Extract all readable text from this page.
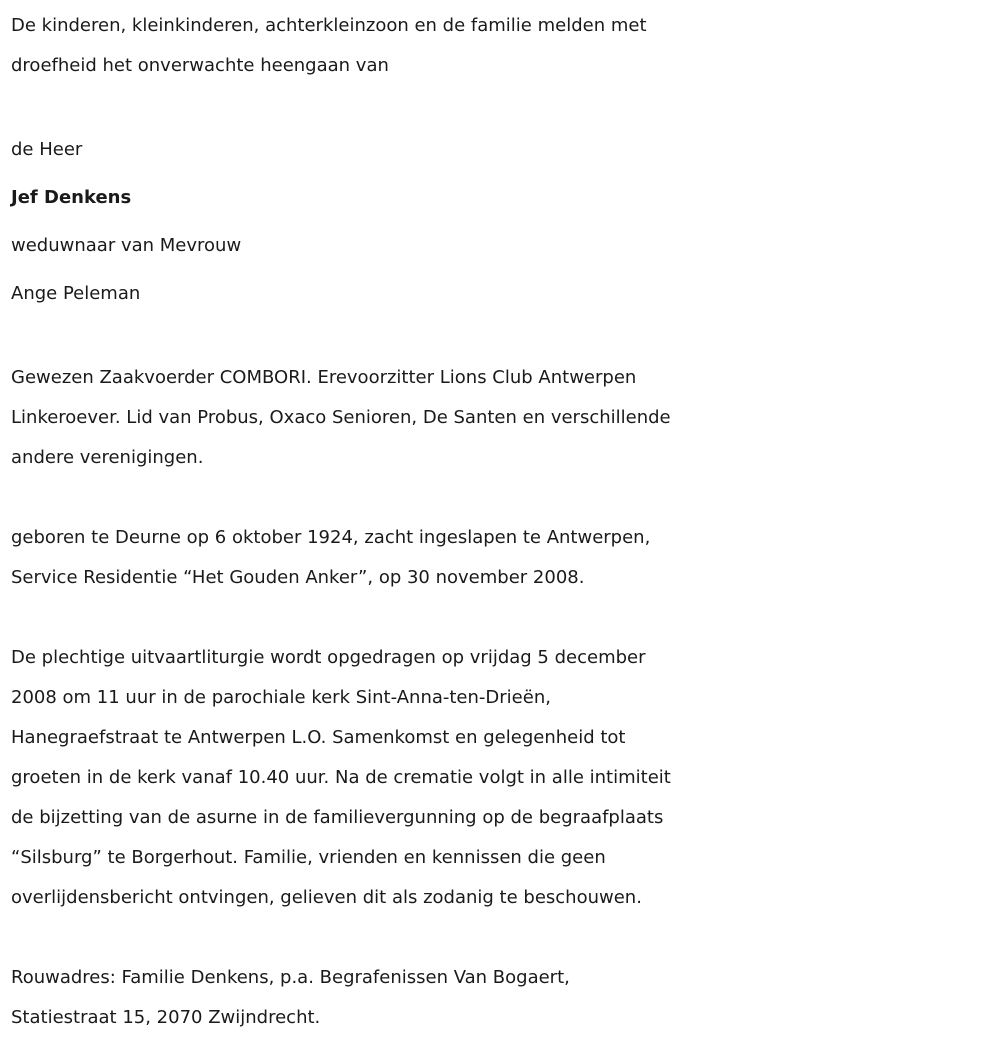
De kinderen, kleinkinderen, achterkleinzoon en de familie melden met
droefheid het onverwachte heengaan van
de Heer
Jef Denkens
weduwnaar van Mevrouw
Ange Peleman
Gewezen Zaakvoerder COMBORI. Erevoorzitter Lions Club Antwerpen
Linkeroever. Lid van Probus, Oxaco Senioren, De Santen en verschillende
andere verenigingen.
geboren te Deurne op 6 oktober 1924, zacht ingeslapen te Antwerpen,
Service Residentie “Het Gouden Anker”, op 30 november 2008.
De plechtige uitvaartliturgie wordt opgedragen op vrijdag 5 december
2008 om 11 uur in de parochiale kerk Sint-Anna-ten-Drieën,
Hanegraefstraat te Antwerpen L.O. Samenkomst en gelegenheid tot
groeten in de kerk vanaf 10.40 uur. Na de crematie volgt in alle intimiteit
de bijzetting van de asurne in de familievergunning op de begraafplaats
“Silsburg” te Borgerhout. Familie, vrienden en kennissen die geen
overlijdensbericht ontvingen, gelieven dit als zodanig te beschouwen.
Rouwadres: Familie Denkens, p.a. Begrafenissen Van Bogaert,
Statiestraat 15, 2070 Zwijndrecht.
